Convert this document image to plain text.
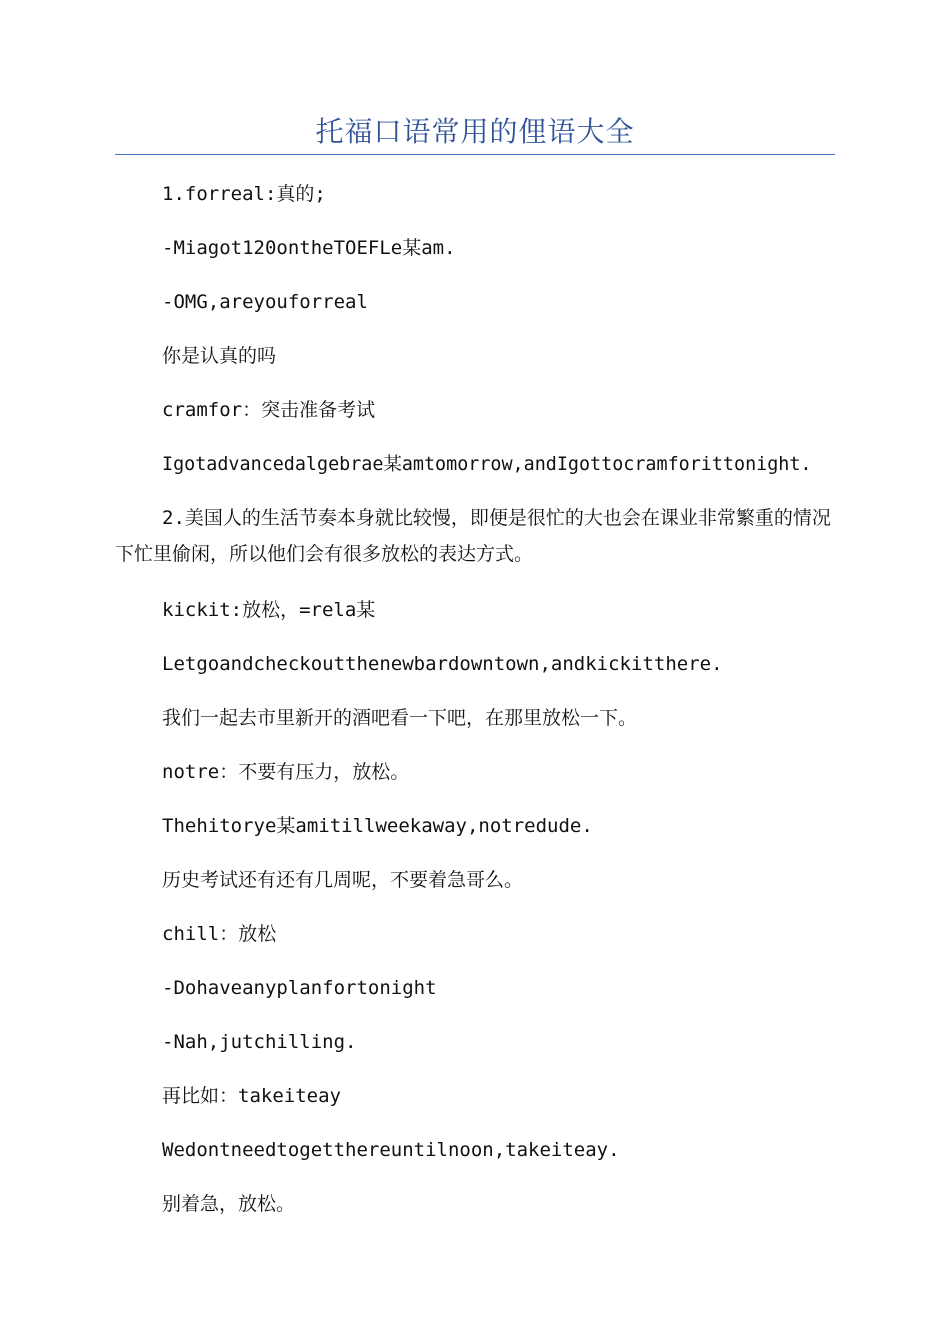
托福口语常用的俚语大全
1.forreal:真的;
-Miagot120ontheTOEFLe某am.
-OMG,areyouforreal
你是认真的吗
cramfor：突击准备考试
Igotadvancedalgebrae某amtomorrow,andIgottocramforittonight.
2.美国人的生活节奏本身就比较慢，即便是很忙的大也会在课业非常繁重的情况下忙里偷闲，所以他们会有很多放松的表达方式。
kickit:放松，=rela某
Letgoandcheckoutthenewbardowntown,andkickitthere.
我们一起去市里新开的酒吧看一下吧，在那里放松一下。
notre：不要有压力，放松。
Thehitorye某amitillweekaway,notredude.
历史考试还有还有几周呢，不要着急哥么。
chill：放松
-Dohaveanyplanfortonight
-Nah,jutchilling.
再比如：takeiteay
Wedontneedtogetthereuntilnoon,takeiteay.
别着急，放松。
